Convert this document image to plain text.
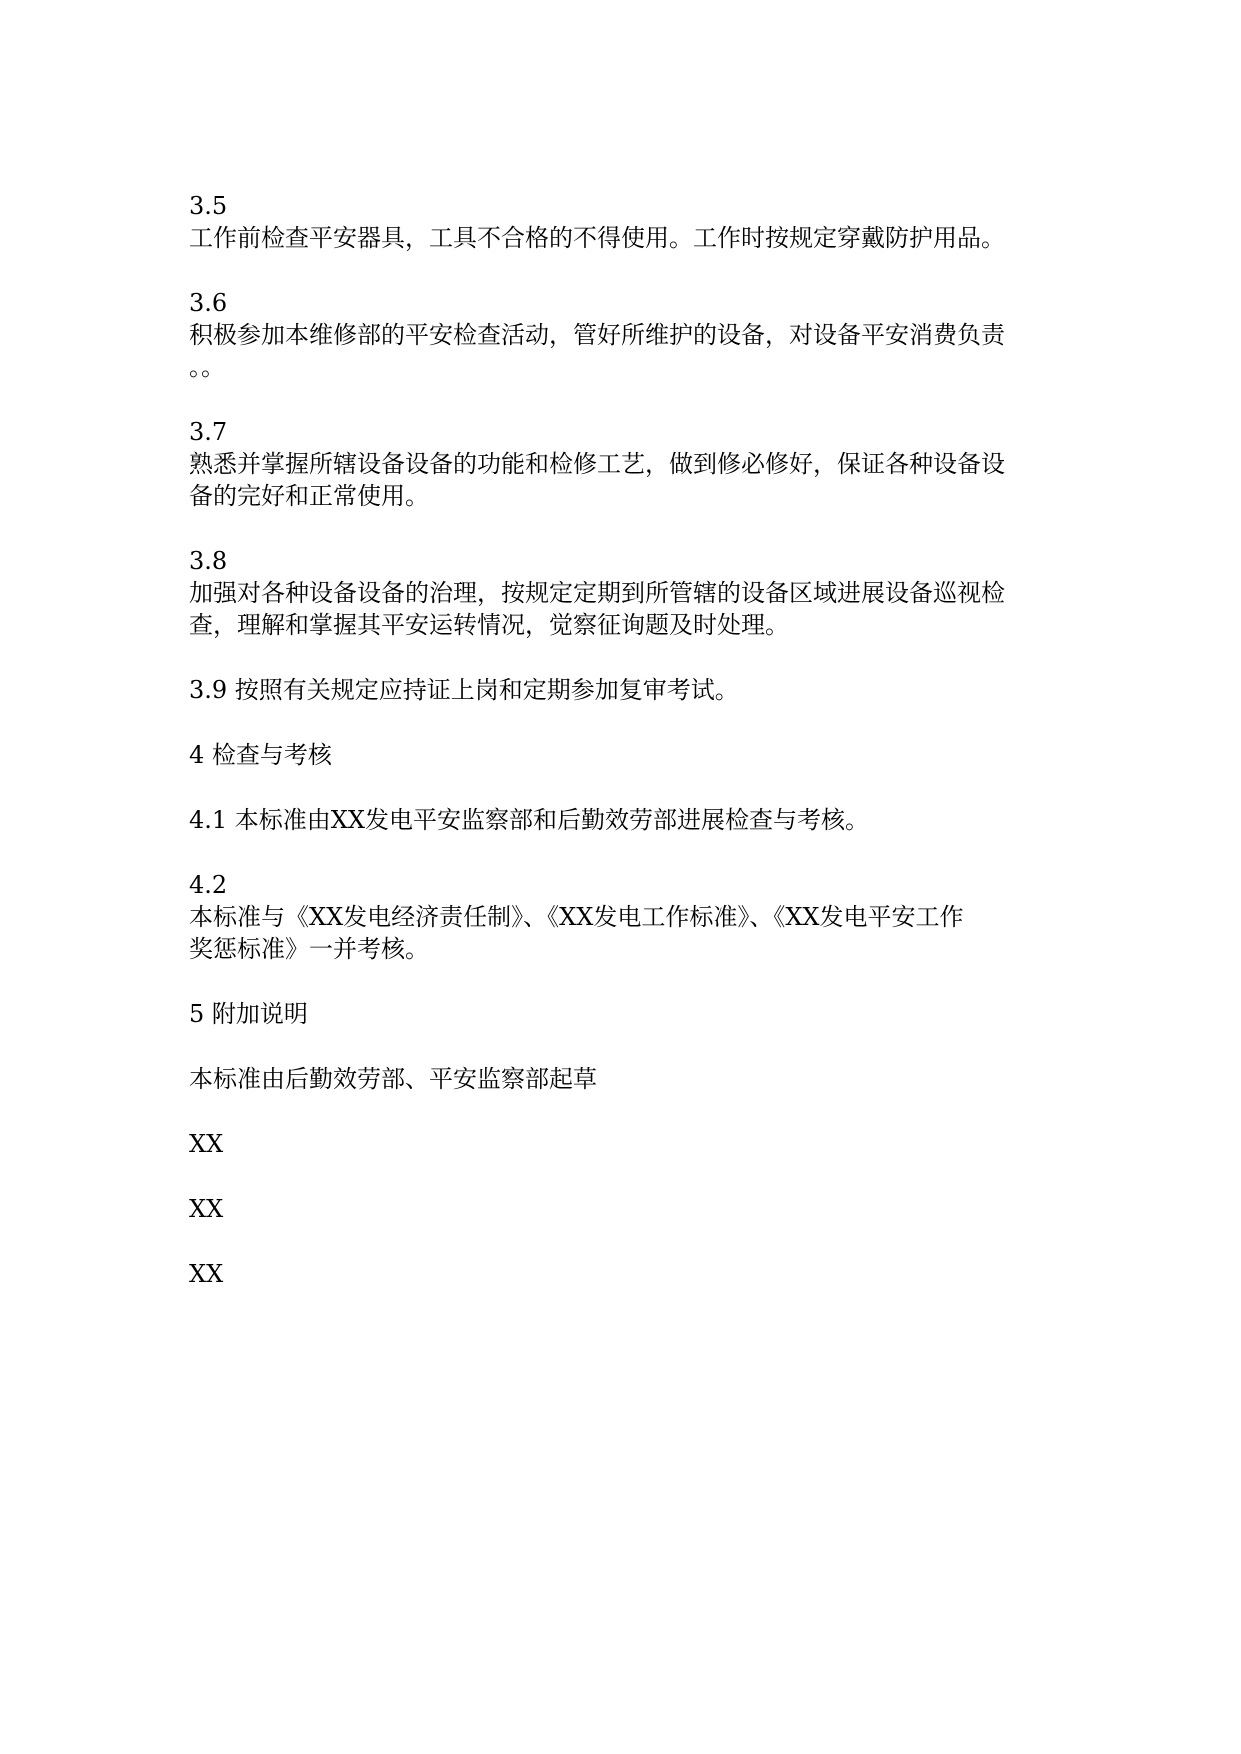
3.5
工作前检查平安器具，工具不合格的不得使用。工作时按规定穿戴防护用品。
3.6
积极参加本维修部的平安检查活动，管好所维护的设备，对设备平安消费负责
。。
3.7
熟悉并掌握所辖设备设备的功能和检修工艺，做到修必修好，保证各种设备设
备的完好和正常使用。
3.8
加强对各种设备设备的治理，按规定定期到所管辖的设备区域进展设备巡视检
查，理解和掌握其平安运转情况，觉察征询题及时处理。
3.9 按照有关规定应持证上岗和定期参加复审考试。
4 检查与考核
4.1 本标准由XX发电平安监察部和后勤效劳部进展检查与考核。
4.2
本标准与《XX发电经济责任制》、《XX发电工作标准》、《XX发电平安工作
奖惩标准》一并考核。
5 附加说明
本标准由后勤效劳部、平安监察部起草
XX
XX
XX
